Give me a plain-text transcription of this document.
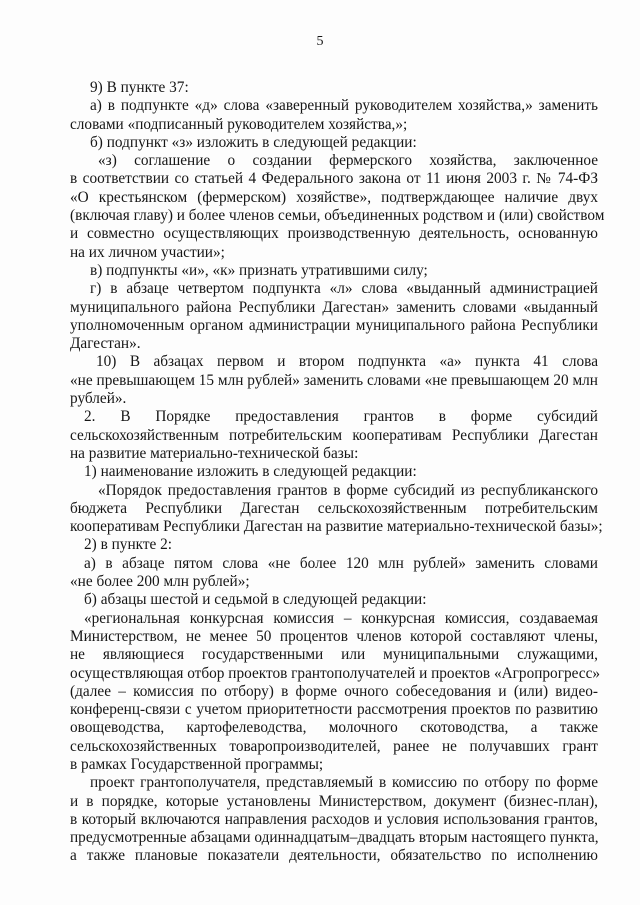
5
9) В пункте 37:
а) в подпункте «д» слова «заверенный руководителем хозяйства,» заменить
словами «подписанный руководителем хозяйства,»;
б) подпункт «з» изложить в следующей редакции:
«з) соглашение о создании фермерского хозяйства, заключенное
в соответствии со статьей 4 Федерального закона от 11 июня 2003 г. № 74-ФЗ
«О крестьянском (фермерском) хозяйстве», подтверждающее наличие двух
(включая главу) и более членов семьи, объединенных родством и (или) свойством
и совместно осуществляющих производственную деятельность, основанную
на их личном участии»;
в) подпункты «и», «к» признать утратившими силу;
г) в абзаце четвертом подпункта «л» слова «выданный администрацией
муниципального района Республики Дагестан» заменить словами «выданный
уполномоченным органом администрации муниципального района Республики
Дагестан».
10) В абзацах первом и втором подпункта «а» пункта 41 слова
«не превышающем 15 млн рублей» заменить словами «не превышающем 20 млн
рублей».
2. В Порядке предоставления грантов в форме субсидий
сельскохозяйственным потребительским кооперативам Республики Дагестан
на развитие материально-технической базы:
1) наименование изложить в следующей редакции:
«Порядок предоставления грантов в форме субсидий из республиканского
бюджета Республики Дагестан сельскохозяйственным потребительским
кооперативам Республики Дагестан на развитие материально-технической базы»;
2) в пункте 2:
а) в абзаце пятом слова «не более 120 млн рублей» заменить словами
«не более 200 млн рублей»;
б) абзацы шестой и седьмой в следующей редакции:
«региональная конкурсная комиссия – конкурсная комиссия, создаваемая
Министерством, не менее 50 процентов членов которой составляют члены,
не являющиеся государственными или муниципальными служащими,
осуществляющая отбор проектов грантополучателей и проектов «Агропрогресс»
(далее – комиссия по отбору) в форме очного собеседования и (или) видео-
конференц-связи с учетом приоритетности рассмотрения проектов по развитию
овощеводства, картофелеводства, молочного скотоводства, а также
сельскохозяйственных товаропроизводителей, ранее не получавших грант
в рамках Государственной программы;
проект грантополучателя, представляемый в комиссию по отбору по форме
и в порядке, которые установлены Министерством, документ (бизнес-план),
в который включаются направления расходов и условия использования грантов,
предусмотренные абзацами одиннадцатым–двадцать вторым настоящего пункта,
а также плановые показатели деятельности, обязательство по исполнению
